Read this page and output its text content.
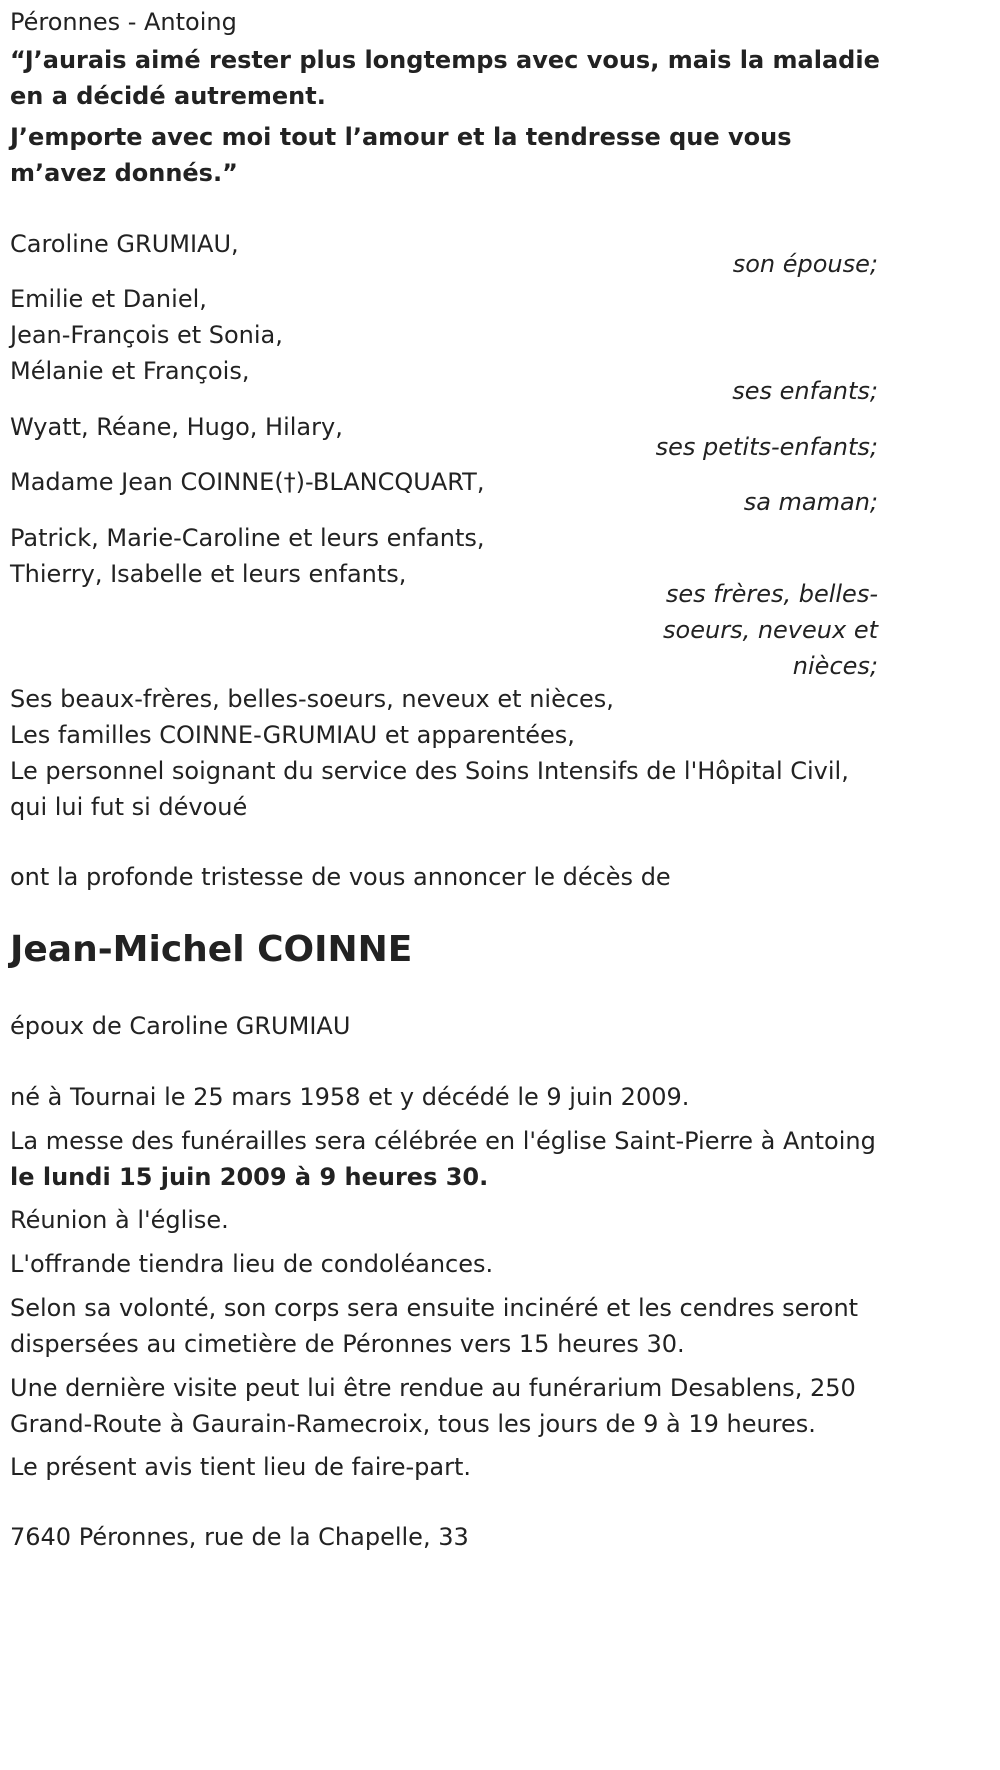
Péronnes - Antoing

“J’aurais aimé rester plus longtemps avec vous, mais la maladie en a décidé autrement.

J’emporte avec moi tout l’amour et la tendresse que vous m’avez donnés.”

Caroline GRUMIAU,

son épouse;

Emilie et Daniel,

Jean-François et Sonia,

Mélanie et François,

ses enfants;

Wyatt, Réane, Hugo, Hilary,

ses petits-enfants;

Madame Jean COINNE(†)-BLANCQUART,

sa maman;

Patrick, Marie-Caroline et leurs enfants,

Thierry, Isabelle et leurs enfants,

ses frères, belles-soeurs, neveux et nièces;

Ses beaux-frères, belles-soeurs, neveux et nièces,

Les familles COINNE-GRUMIAU et apparentées,

Le personnel soignant du service des Soins Intensifs de l'Hôpital Civil, qui lui fut si dévoué

ont la profonde tristesse de vous annoncer le décès de

Jean-Michel COINNE

époux de Caroline GRUMIAU

né à Tournai le 25 mars 1958 et y décédé le 9 juin 2009.

La messe des funérailles sera célébrée en l'église Saint-Pierre à Antoing

le lundi 15 juin 2009 à 9 heures 30.

Réunion à l'église.

L'offrande tiendra lieu de condoléances.

Selon sa volonté, son corps sera ensuite incinéré et les cendres seront dispersées au cimetière de Péronnes vers 15 heures 30.

Une dernière visite peut lui être rendue au funérarium Desablens, 250 Grand-Route à Gaurain-Ramecroix, tous les jours de 9 à 19 heures.

Le présent avis tient lieu de faire-part.

7640 Péronnes, rue de la Chapelle, 33
